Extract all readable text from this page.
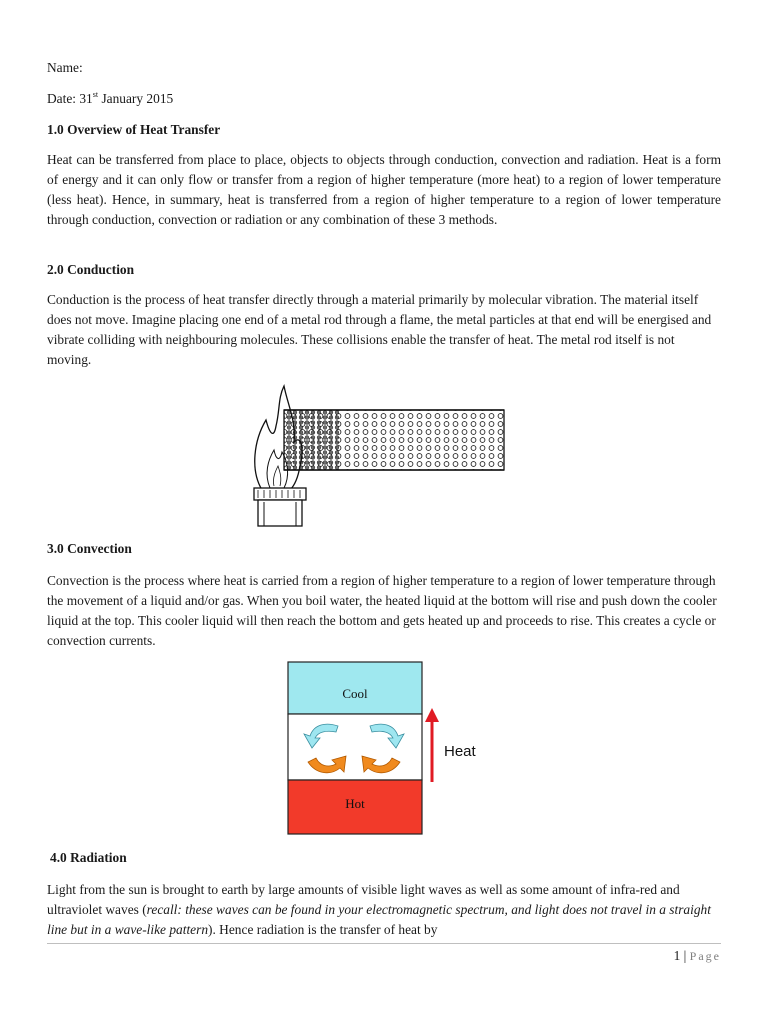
Name:
Date: 31st January 2015
1.0 Overview of Heat Transfer
Heat can be transferred from place to place, objects to objects through conduction, convection and radiation. Heat is a form of energy and it can only flow or transfer from a region of higher temperature (more heat) to a region of lower temperature (less heat). Hence, in summary, heat is transferred from a region of higher temperature to a region of lower temperature through conduction, convection or radiation or any combination of these 3 methods.
2.0 Conduction
Conduction is the process of heat transfer directly through a material primarily by molecular vibration. The material itself does not move. Imagine placing one end of a metal rod through a flame, the metal particles at that end will be energised and vibrate colliding with neighbouring molecules. These collisions enable the transfer of heat. The metal rod itself is not moving.
3.0 Convection
Convection is the process where heat is carried from a region of higher temperature to a region of lower temperature through the movement of a liquid and/or gas. When you boil water, the heated liquid at the bottom will rise and push down the cooler liquid at the top. This cooler liquid will then reach the bottom and gets heated up and proceeds to rise. This creates a cycle or convection currents.
Cool
Hot
Heat
4.0 Radiation
Light from the sun is brought to earth by large amounts of visible light waves as well as some amount of infra-red and ultraviolet waves (recall: these waves can be found in your electromagnetic spectrum, and light does not travel in a straight line but in a wave-like pattern). Hence radiation is the transfer of heat by
1 | Page
